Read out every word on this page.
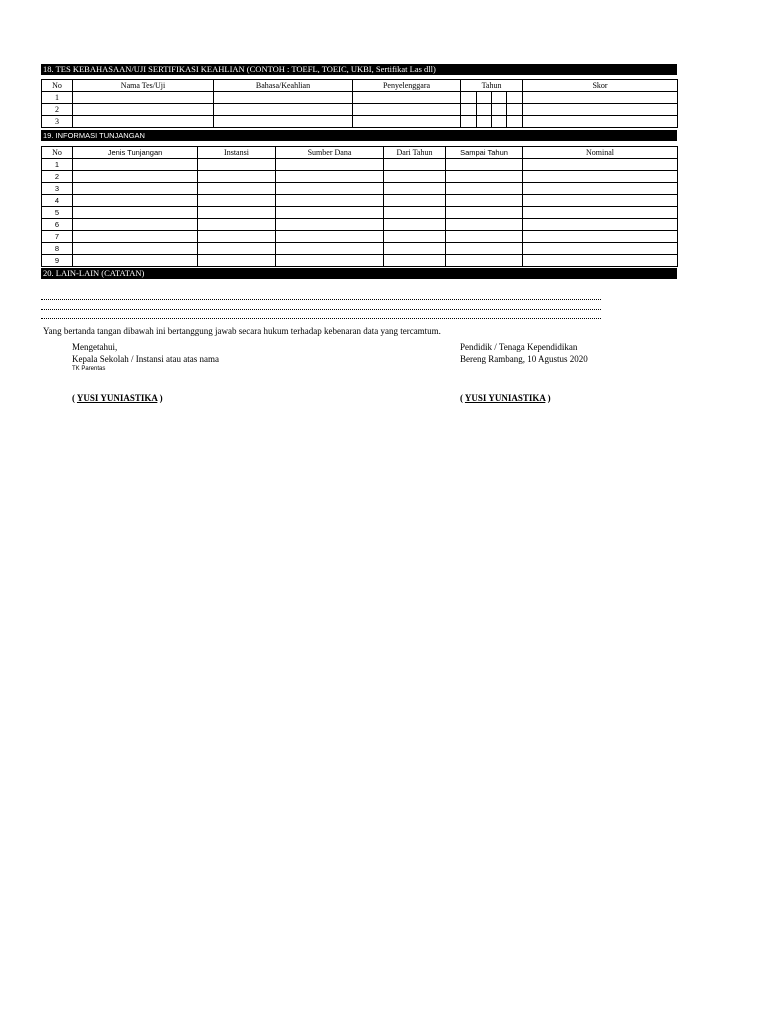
18. TES KEBAHASAAN/UJI SERTIFIKASI KEAHLIAN (CONTOH : TOEFL, TOEIC, UKBI, Sertifikat Las dll)
No	Nama Tes/Uji	Bahasa/Keahlian	Penyelenggara	Tahun				Skor
1								
2								
3								
19. INFORMASI TUNJANGAN
No	Jenis Tunjangan	Instansi	Sumber Dana	Dari Tahun	Sampai Tahun	Nominal
1						
2						
3						
4						
5						
6						
7						
8						
9						
20. LAIN-LAIN (CATATAN)
Yang bertanda tangan dibawah ini bertanggung jawab secara hukum terhadap kebenaran data yang tercamtum.
Mengetahui,
Kepala Sekolah / Instansi atau atas nama
TK Parentas
( YUSI YUNIASTIKA )
Pendidik / Tenaga Kependidikan
Bereng Rambang, 10 Agustus 2020
( YUSI YUNIASTIKA )
